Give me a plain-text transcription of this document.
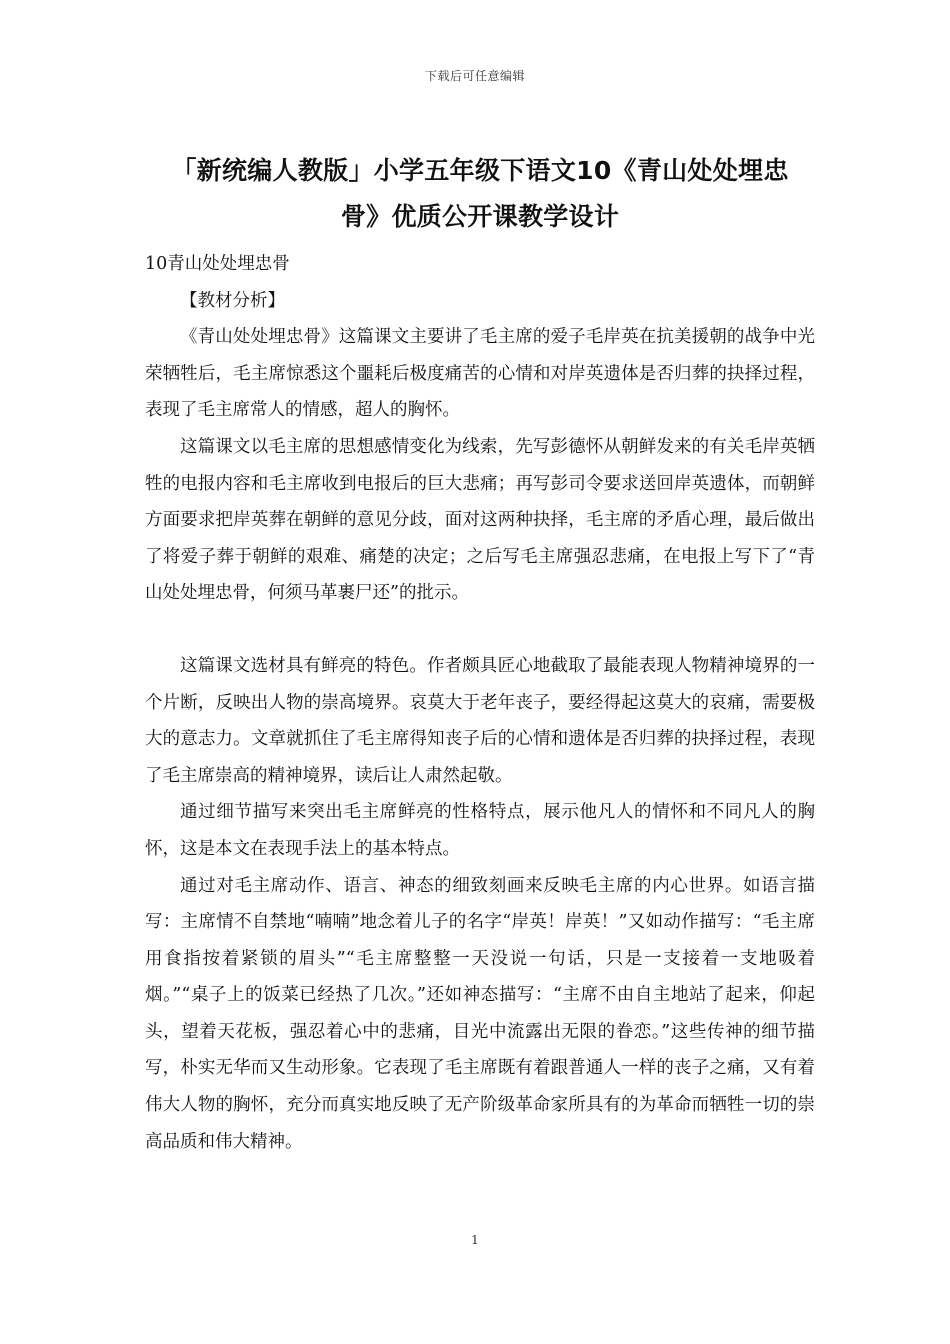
下载后可任意编辑
「新统编人教版」小学五年级下语文10《青山处处埋忠骨》优质公开课教学设计

10青山处处埋忠骨

【教材分析】

《青山处处埋忠骨》这篇课文主要讲了毛主席的爱子毛岸英在抗美援朝的战争中光荣牺牲后，毛主席惊悉这个噩耗后极度痛苦的心情和对岸英遗体是否归葬的抉择过程，表现了毛主席常人的情感，超人的胸怀。

这篇课文以毛主席的思想感情变化为线索，先写彭德怀从朝鲜发来的有关毛岸英牺牲的电报内容和毛主席收到电报后的巨大悲痛；再写彭司令要求送回岸英遗体，而朝鲜方面要求把岸英葬在朝鲜的意见分歧，面对这两种抉择，毛主席的矛盾心理，最后做出了将爱子葬于朝鲜的艰难、痛楚的决定；之后写毛主席强忍悲痛，在电报上写下了“青山处处埋忠骨，何须马革裹尸还”的批示。

这篇课文选材具有鲜亮的特色。作者颇具匠心地截取了最能表现人物精神境界的一个片断，反映出人物的崇高境界。哀莫大于老年丧子，要经得起这莫大的哀痛，需要极大的意志力。文章就抓住了毛主席得知丧子后的心情和遗体是否归葬的抉择过程，表现了毛主席崇高的精神境界，读后让人肃然起敬。

通过细节描写来突出毛主席鲜亮的性格特点，展示他凡人的情怀和不同凡人的胸怀，这是本文在表现手法上的基本特点。

通过对毛主席动作、语言、神态的细致刻画来反映毛主席的内心世界。如语言描写：主席情不自禁地“喃喃”地念着儿子的名字“岸英！岸英！”又如动作描写：“毛主席用食指按着紧锁的眉头”“毛主席整整一天没说一句话，只是一支接着一支地吸着烟。”“桌子上的饭菜已经热了几次。”还如神态描写：“主席不由自主地站了起来，仰起头，望着天花板，强忍着心中的悲痛，目光中流露出无限的眷恋。”这些传神的细节描写，朴实无华而又生动形象。它表现了毛主席既有着跟普通人一样的丧子之痛，又有着伟大人物的胸怀，充分而真实地反映了无产阶级革命家所具有的为革命而牺牲一切的崇高品质和伟大精神。

1
